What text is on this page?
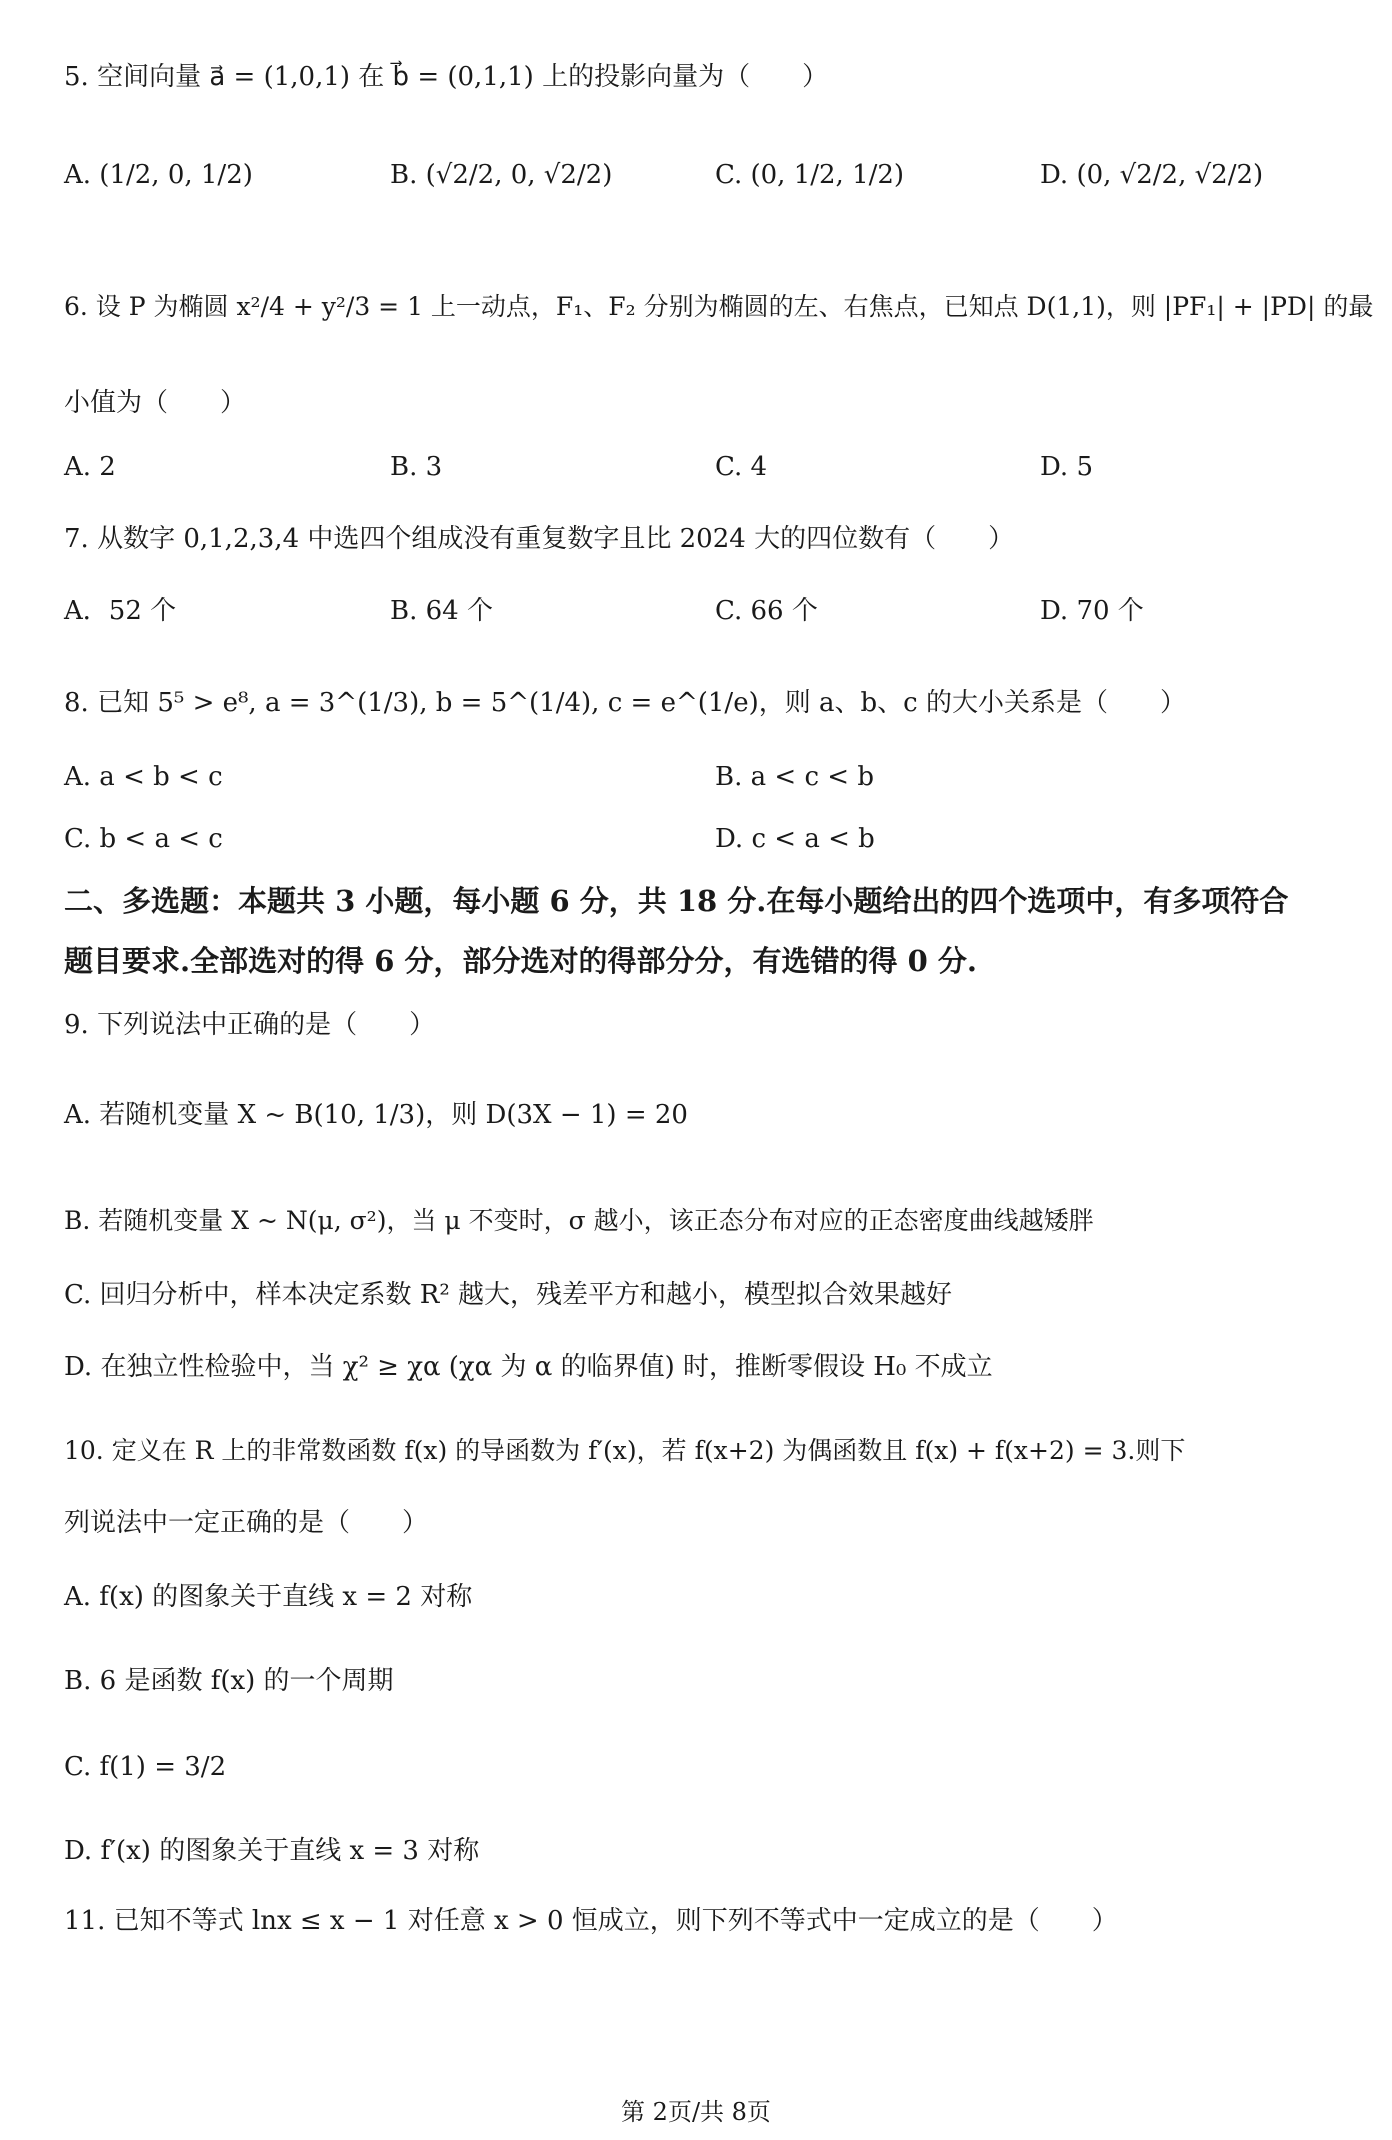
5. 空间向量 a⃗ = (1,0,1) 在 b⃗ = (0,1,1) 上的投影向量为（　　）
A. (1/2, 0, 1/2)	B. (√2/2, 0, √2/2)	C. (0, 1/2, 1/2)	D. (0, √2/2, √2/2)
6. 设 P 为椭圆 x²/4 + y²/3 = 1 上一动点，F₁、F₂ 分别为椭圆的左、右焦点，已知点 D(1,1)，则 |PF₁| + |PD| 的最
小值为（　　）
A. 2	B. 3	C. 4	D. 5
7. 从数字 0,1,2,3,4 中选四个组成没有重复数字且比 2024 大的四位数有（　　）
A．52 个	B. 64 个	C. 66 个	D. 70 个
8. 已知 5⁵ > e⁸, a = 3^(1/3), b = 5^(1/4), c = e^(1/e)，则 a、b、c 的大小关系是（　　）
A. a < b < c	B. a < c < b
C. b < a < c	D. c < a < b
二、多选题：本题共 3 小题，每小题 6 分，共 18 分.在每小题给出的四个选项中，有多项符合
题目要求.全部选对的得 6 分，部分选对的得部分分，有选错的得 0 分.
9. 下列说法中正确的是（　　）
A. 若随机变量 X ~ B(10, 1/3)，则 D(3X − 1) = 20
B. 若随机变量 X ~ N(μ, σ²)，当 μ 不变时，σ 越小，该正态分布对应的正态密度曲线越矮胖
C. 回归分析中，样本决定系数 R² 越大，残差平方和越小，模型拟合效果越好
D. 在独立性检验中，当 χ² ≥ χα (χα 为 α 的临界值) 时，推断零假设 H₀ 不成立
10. 定义在 R 上的非常数函数 f(x) 的导函数为 f′(x)，若 f(x+2) 为偶函数且 f(x) + f(x+2) = 3.则下
列说法中一定正确的是（　　）
A. f(x) 的图象关于直线 x = 2 对称
B. 6 是函数 f(x) 的一个周期
C. f(1) = 3/2
D. f′(x) 的图象关于直线 x = 3 对称
11. 已知不等式 lnx ≤ x − 1 对任意 x > 0 恒成立，则下列不等式中一定成立的是（　　）
第 2页/共 8页
